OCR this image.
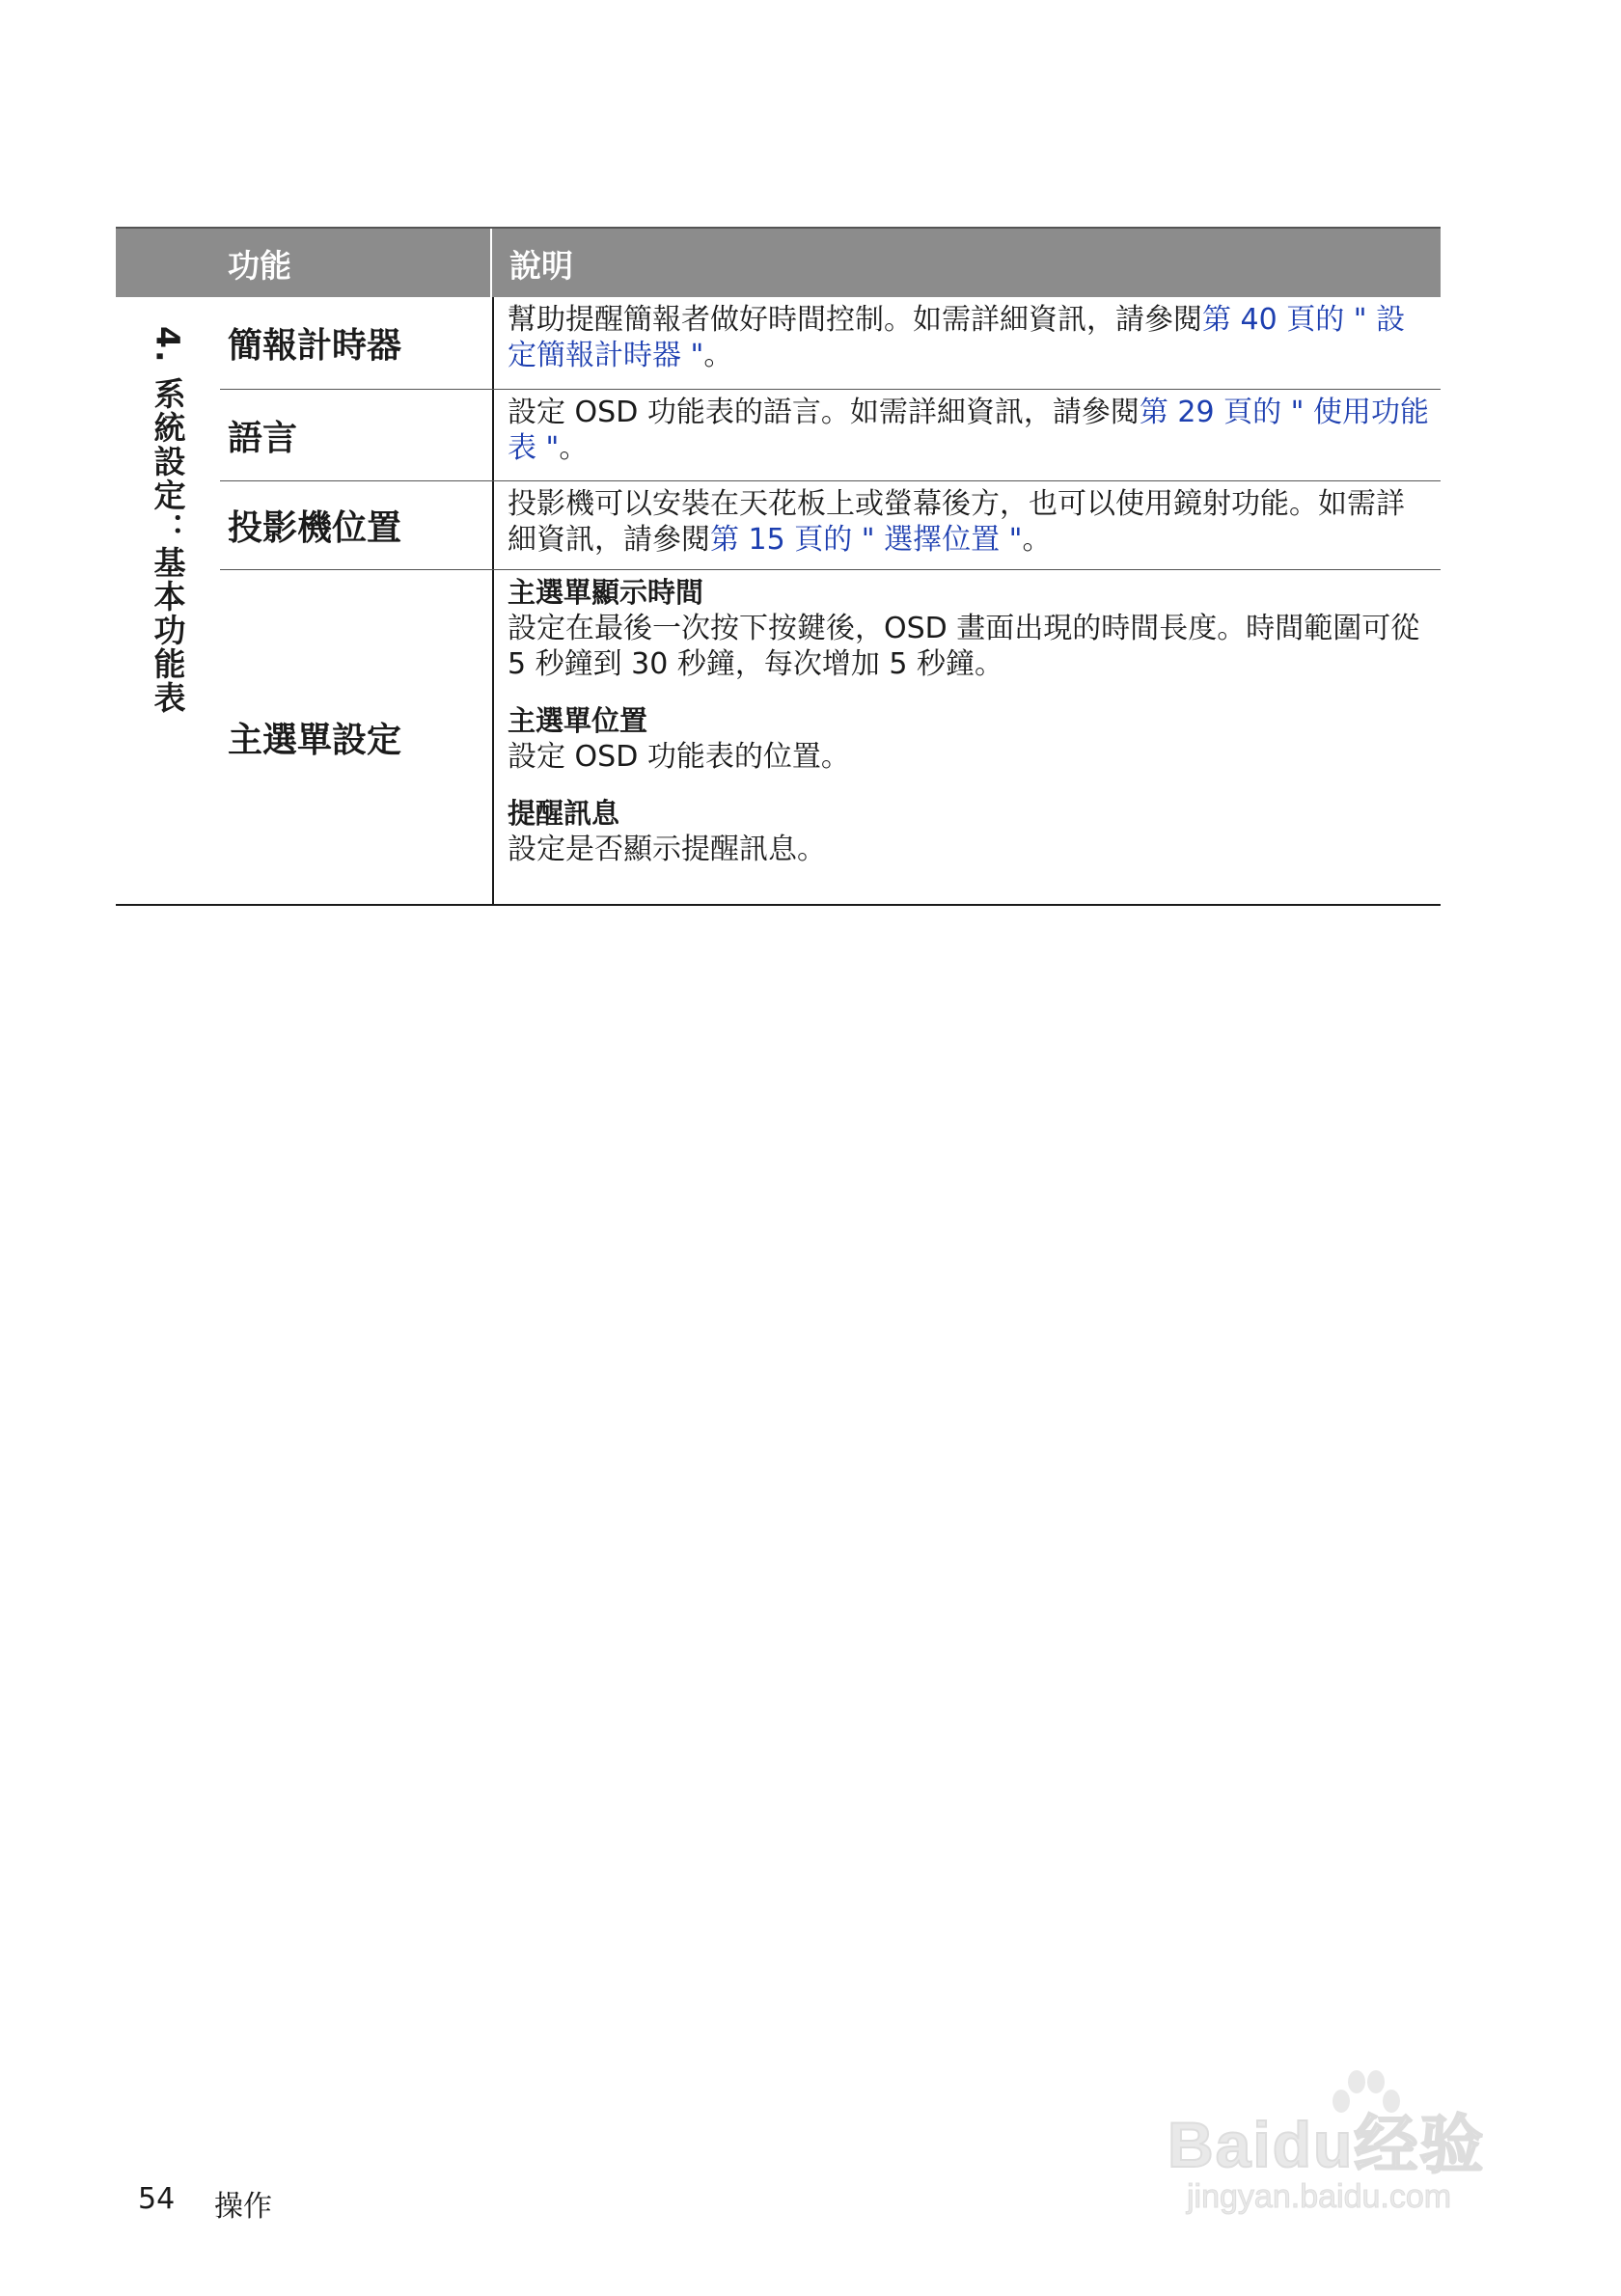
功能	說明
4. 系統設定：基本功能表 簡報計時器
幫助提醒簡報者做好時間控制。如需詳細資訊，請參閱第 40 頁的 " 設定簡報計時器 "。
語言
設定 OSD 功能表的語言。如需詳細資訊，請參閱第 29 頁的 " 使用功能表 "。
投影機位置
投影機可以安裝在天花板上或螢幕後方，也可以使用鏡射功能。如需詳細資訊，請參閱第 15 頁的 " 選擇位置 "。
主選單設定
主選單顯示時間
設定在最後一次按下按鍵後，OSD 畫面出現的時間長度。時間範圍可從 5 秒鐘到 30 秒鐘，每次增加 5 秒鐘。
主選單位置
設定 OSD 功能表的位置。
提醒訊息
設定是否顯示提醒訊息。
54 操作
Baidu经验
jingyan.baidu.com
